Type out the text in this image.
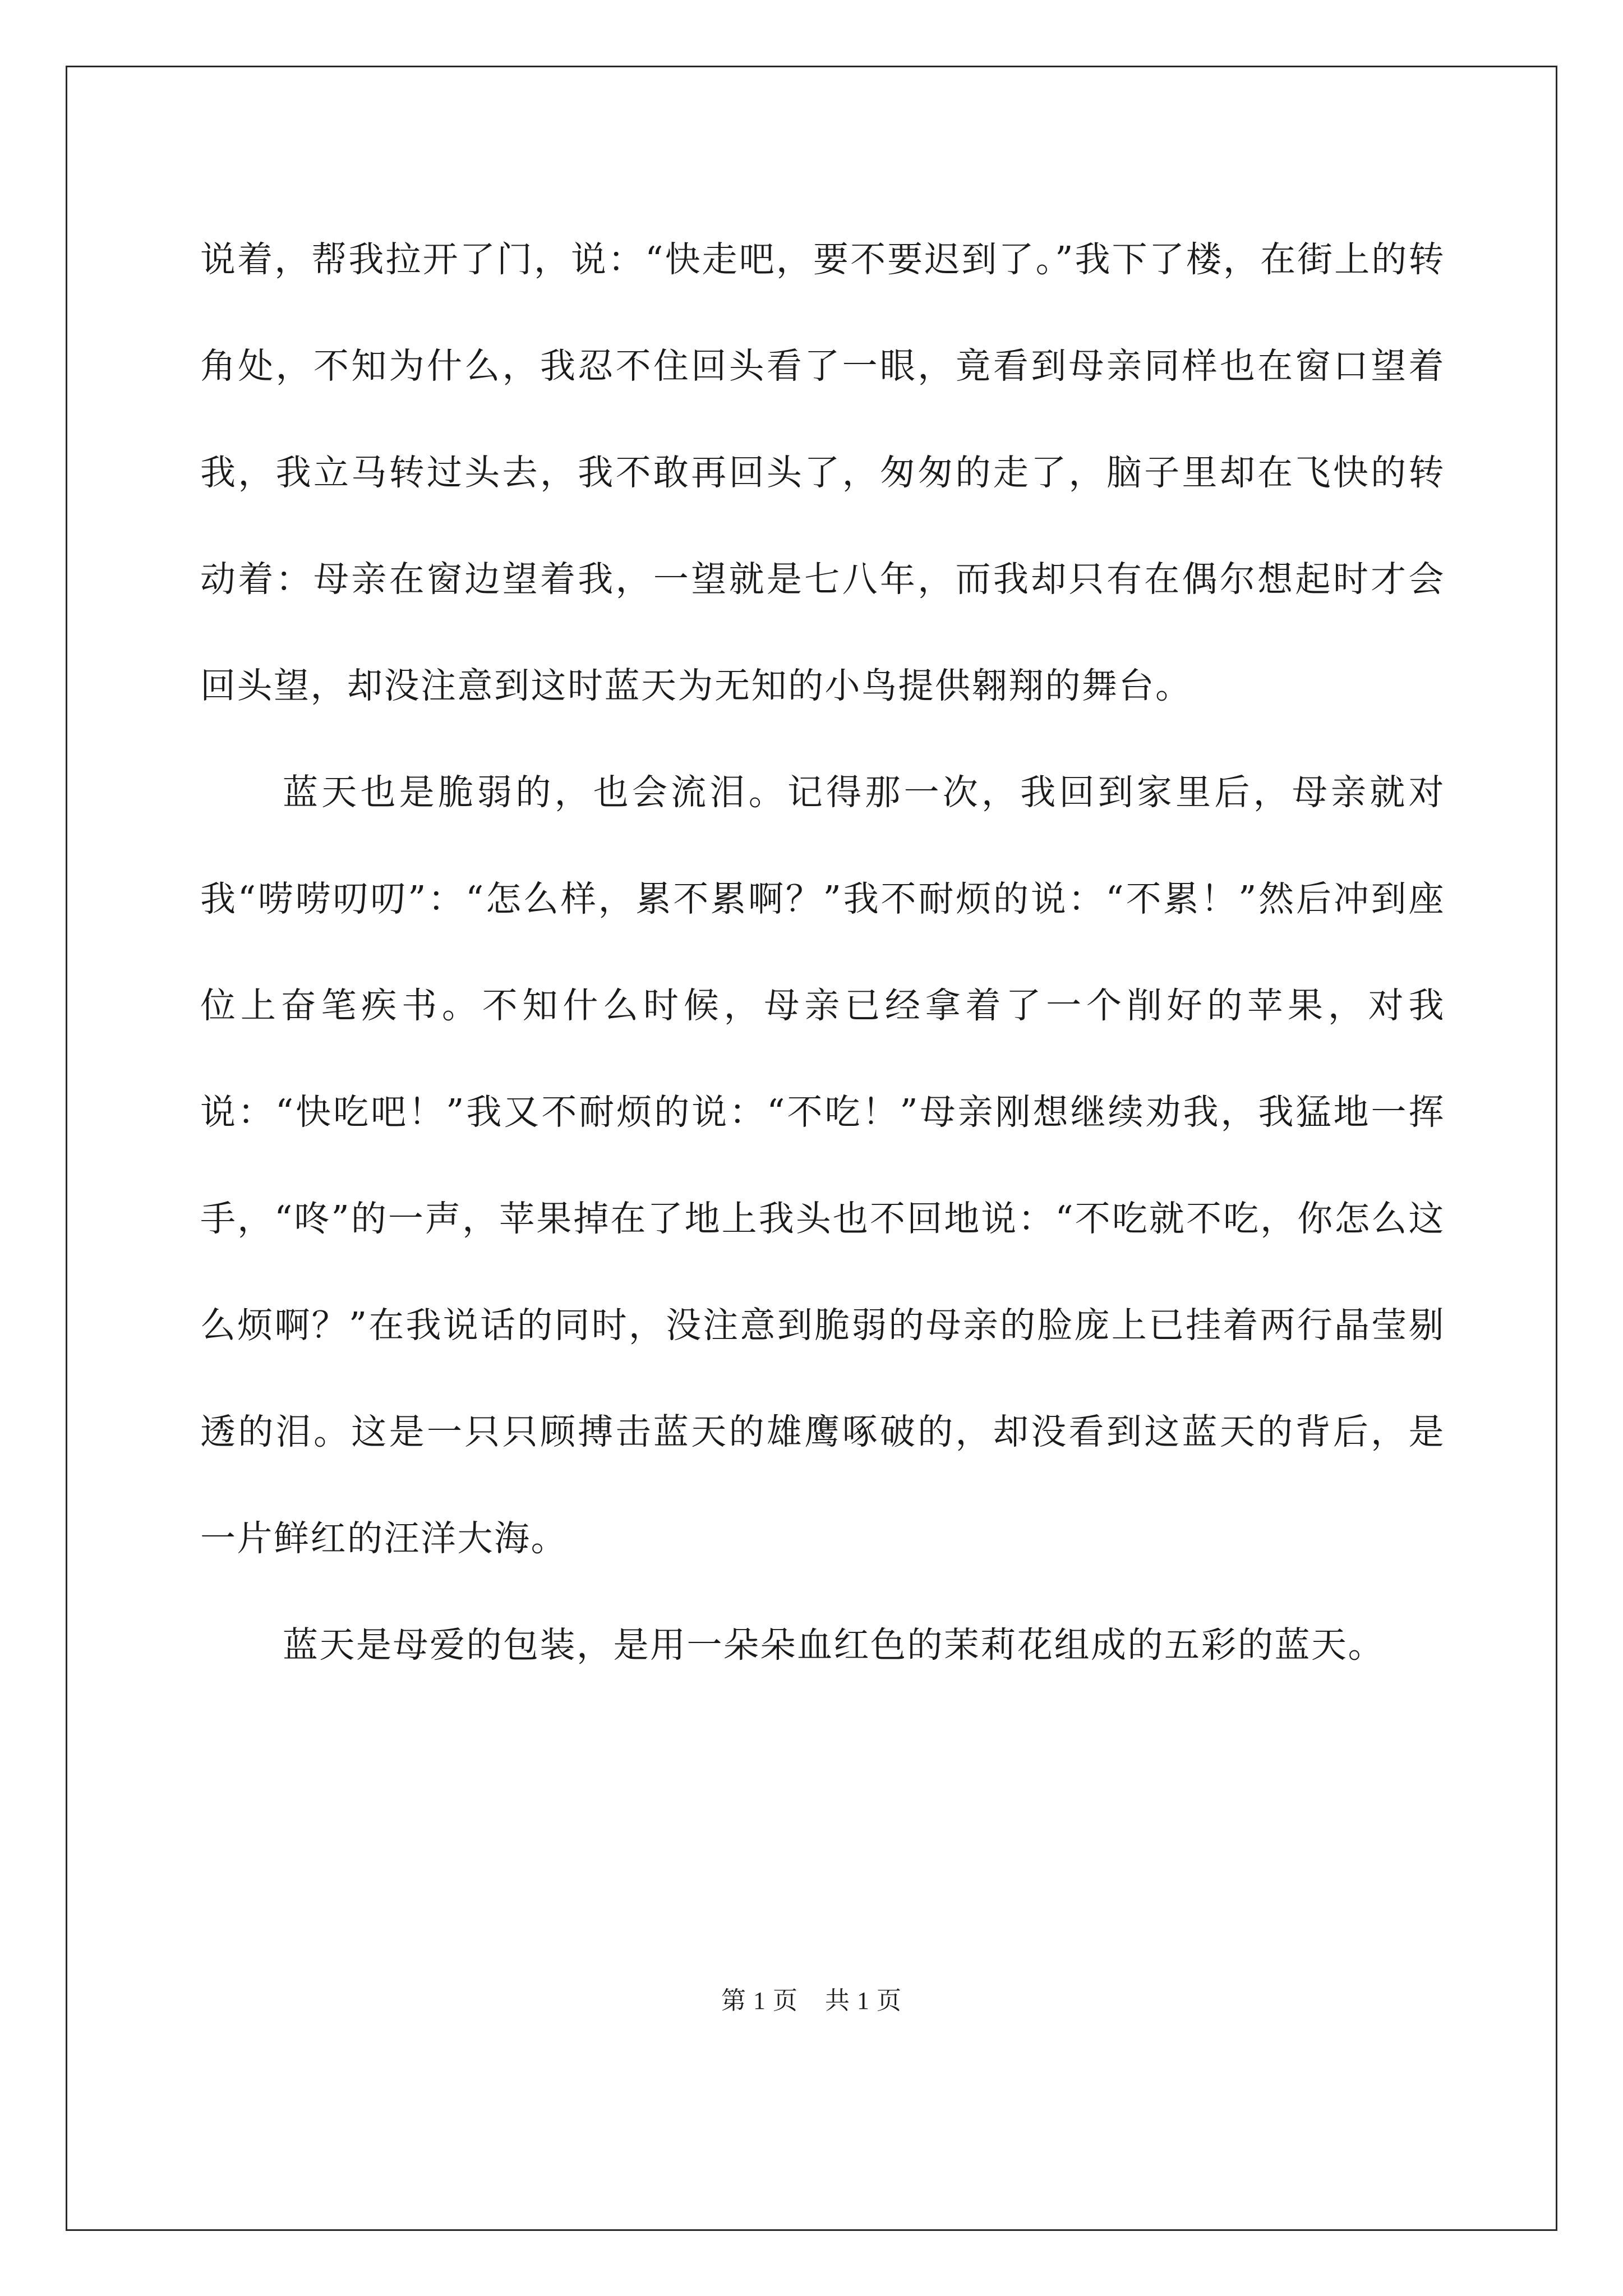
说着，帮我拉开了门，说：“快走吧，要不要迟到了。”我下了楼，在街上的转角处，不知为什么，我忍不住回头看了一眼，竟看到母亲同样也在窗口望着我，我立马转过头去，我不敢再回头了，匆匆的走了，脑子里却在飞快的转动着：母亲在窗边望着我，一望就是七八年，而我却只有在偶尔想起时才会回头望，却没注意到这时蓝天为无知的小鸟提供翱翔的舞台。

蓝天也是脆弱的，也会流泪。记得那一次，我回到家里后，母亲就对我“唠唠叨叨”：“怎么样，累不累啊？”我不耐烦的说：“不累！”然后冲到座位上奋笔疾书。不知什么时候，母亲已经拿着了一个削好的苹果，对我说：“快吃吧！”我又不耐烦的说：“不吃！”母亲刚想继续劝我，我猛地一挥手，“咚”的一声，苹果掉在了地上我头也不回地说：“不吃就不吃，你怎么这么烦啊？”在我说话的同时，没注意到脆弱的母亲的脸庞上已挂着两行晶莹剔透的泪。这是一只只顾搏击蓝天的雄鹰啄破的，却没看到这蓝天的背后，是一片鲜红的汪洋大海。

蓝天是母爱的包装，是用一朵朵血红色的茉莉花组成的五彩的蓝天。

第 1 页 共 1 页
